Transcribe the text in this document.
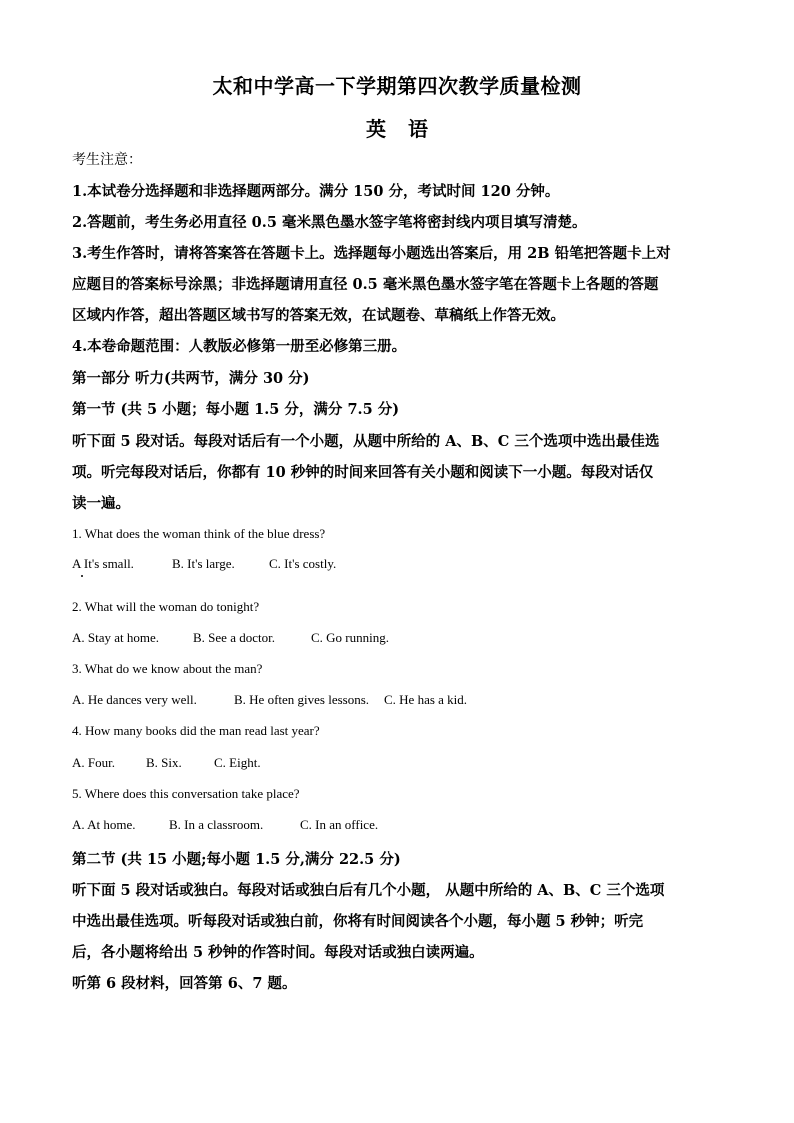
太和中学高一下学期第四次教学质量检测
英语
考生注意：
1.本试卷分选择题和非选择题两部分。满分 150 分，考试时间 120 分钟。
2.答题前，考生务必用直径 0.5 毫米黑色墨水签字笔将密封线内项目填写清楚。
3.考生作答时，请将答案答在答题卡上。选择题每小题选出答案后，用 2B 铅笔把答题卡上对
应题目的答案标号涂黑；非选择题请用直径 0.5 毫米黑色墨水签字笔在答题卡上各题的答题
区域内作答，超出答题区域书写的答案无效，在试题卷、草稿纸上作答无效。
4.本卷命题范围：人教版必修第一册至必修第三册。
第一部分 听力(共两节，满分 30 分)
第一节 (共 5 小题；每小题 1.5 分，满分 7.5 分)
听下面 5 段对话。每段对话后有一个小题，从题中所给的 A、B、C 三个选项中选出最佳选
项。听完每段对话后，你都有 10 秒钟的时间来回答有关小题和阅读下一小题。每段对话仅
读一遍。
1. What does the woman think of the blue dress?
A It's small.	B. It's large.	C. It's costly.
2. What will the woman do tonight?
A. Stay at home.	B. See a doctor.	C. Go running.
3. What do we know about the man?
A. He dances very well.	B. He often gives lessons. C. He has a kid.
4. How many books did the man read last year?
A. Four. B. Six. C. Eight.
5. Where does this conversation take place?
A. At home.	B. In a classroom.	C. In an office.
第二节 (共 15 小题;每小题 1.5 分,满分 22.5 分)
听下面 5 段对话或独白。每段对话或独白后有几个小题， 从题中所给的 A、B、C 三个选项
中选出最佳选项。听每段对话或独白前，你将有时间阅读各个小题，每小题 5 秒钟；听完
后，各小题将给出 5 秒钟的作答时间。每段对话或独白读两遍。
听第 6 段材料，回答第 6、7 题。
